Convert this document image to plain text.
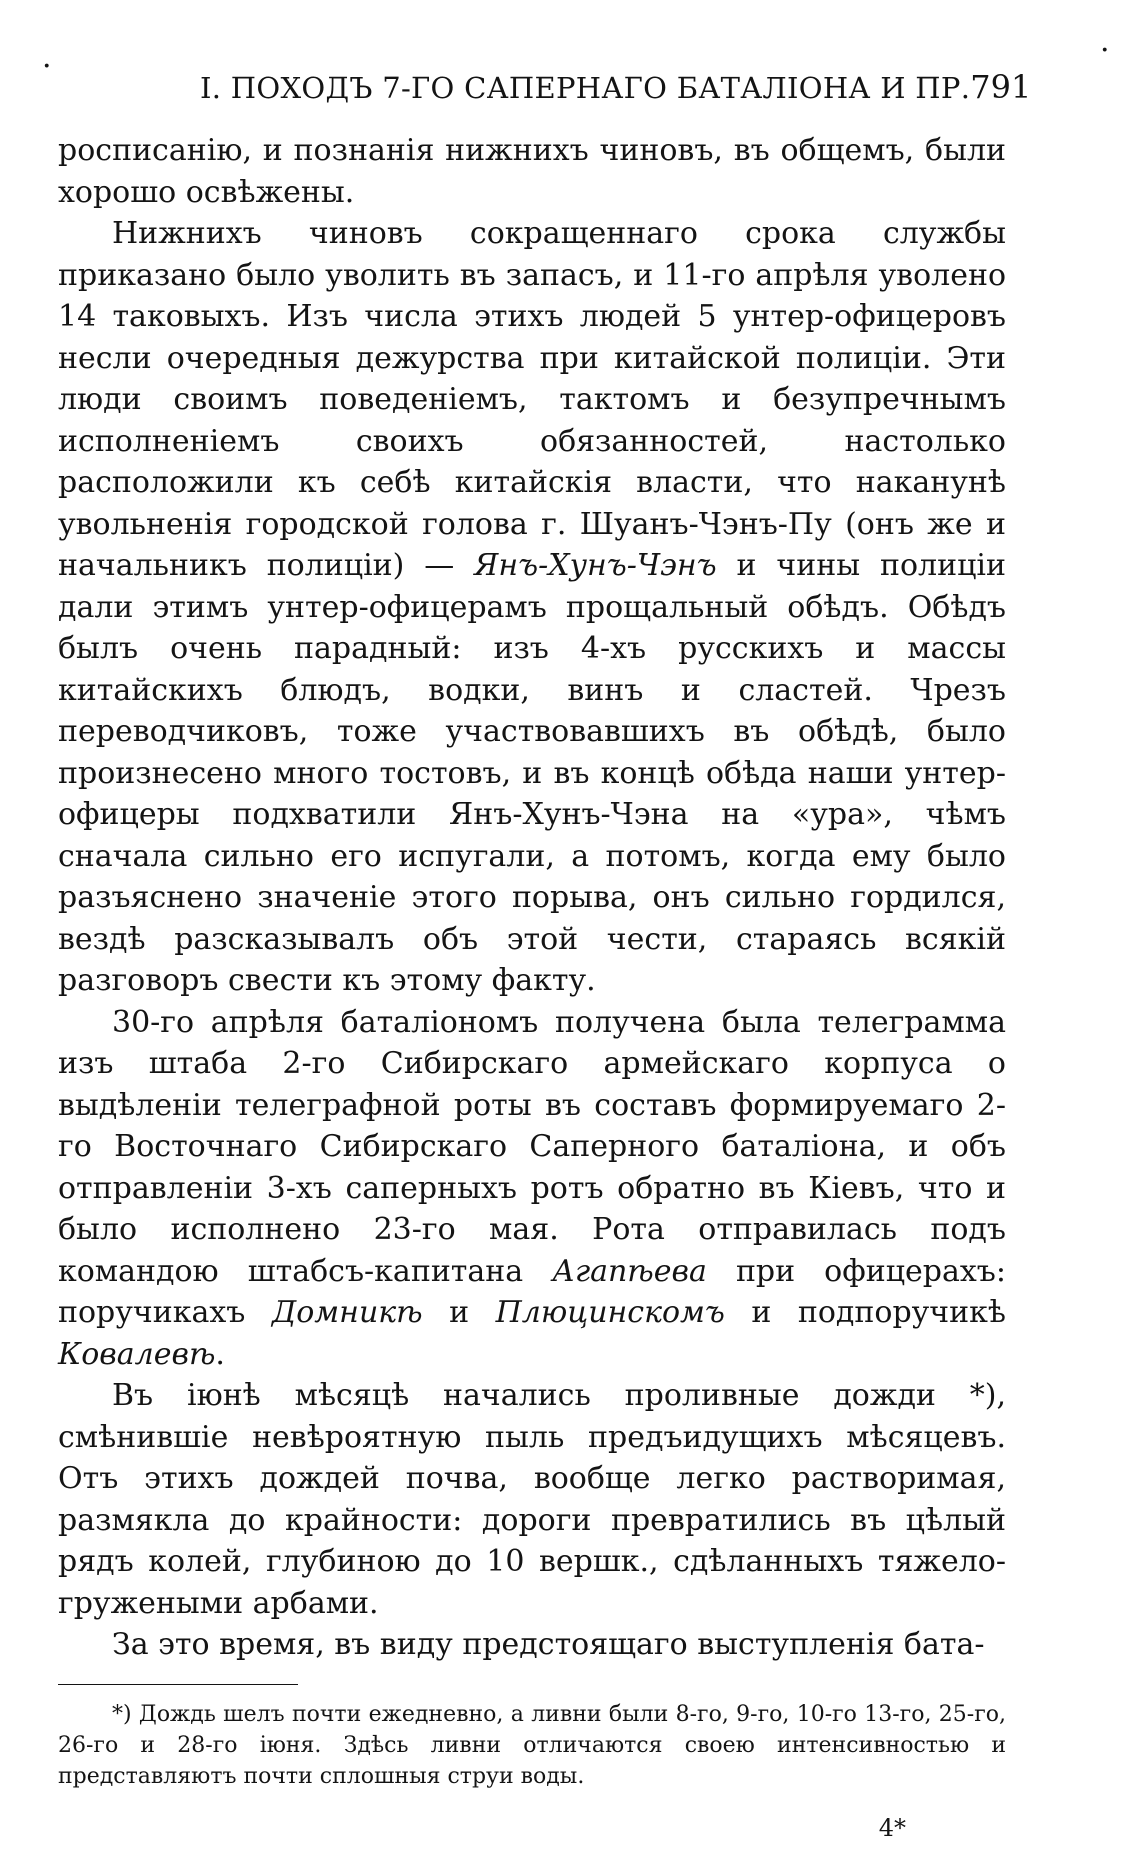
·	·
I. ПОХОДЪ 7-ГО САПЕРНАГО БАТАЛІОНА И ПР. 791

росписанію, и познанія нижнихъ чиновъ, въ общемъ, были хорошо освѣжены.

Нижнихъ чиновъ сокращеннаго срока службы приказано было уволить въ запасъ, и 11-го апрѣля уволено 14 таковыхъ. Изъ числа этихъ людей 5 унтер-офицеровъ несли очередныя дежурства при китайской полиціи. Эти люди своимъ поведеніемъ, тактомъ и безупречнымъ исполненіемъ своихъ обязанностей, настолько расположили къ себѣ китайскія власти, что наканунѣ увольненія городской голова г. Шуанъ-Чэнъ-Пу (онъ же и начальникъ полиціи) — Янъ-Хунъ-Чэнъ и чины полиціи дали этимъ унтер-офицерамъ прощальный обѣдъ. Обѣдъ былъ очень парадный: изъ 4-хъ русскихъ и массы китайскихъ блюдъ, водки, винъ и сластей. Чрезъ переводчиковъ, тоже участвовавшихъ въ обѣдѣ, было произнесено много тостовъ, и въ концѣ обѣда наши унтер-офицеры подхватили Янъ-Хунъ-Чэна на «ура», чѣмъ сначала сильно его испугали, а потомъ, когда ему было разъяснено значеніе этого порыва, онъ сильно гордился, вездѣ разсказывалъ объ этой чести, стараясь всякій разговоръ свести къ этому факту.

30-го апрѣля баталіономъ получена была телеграмма изъ штаба 2-го Сибирскаго армейскаго корпуса о выдѣленіи телеграфной роты въ составъ формируемаго 2-го Восточнаго Сибирскаго Саперного баталіона, и объ отправленіи 3-хъ саперныхъ ротъ обратно въ Кіевъ, что и было исполнено 23-го мая. Рота отправилась подъ командою штабсъ-капитана Агапѣева при офицерахъ: поручикахъ Домникѣ и Плюцинскомъ и подпоручикѣ Ковалевѣ.

Въ іюнѣ мѣсяцѣ начались проливные дожди *), смѣнившіе невѣроятную пыль предъидущихъ мѣсяцевъ. Отъ этихъ дождей почва, вообще легко растворимая, размякла до крайности: дороги превратились въ цѣлый рядъ колей, глубиною до 10 вершк., сдѣланныхъ тяжело-гружеными арбами.

За это время, въ виду предстоящаго выступленія бата-

*) Дождь шелъ почти ежедневно, а ливни были 8-го, 9-го, 10-го 13-го, 25-го, 26-го и 28-го іюня. Здѣсь ливни отличаются своею интенсивностью и представляютъ почти сплошныя струи воды.

4*
